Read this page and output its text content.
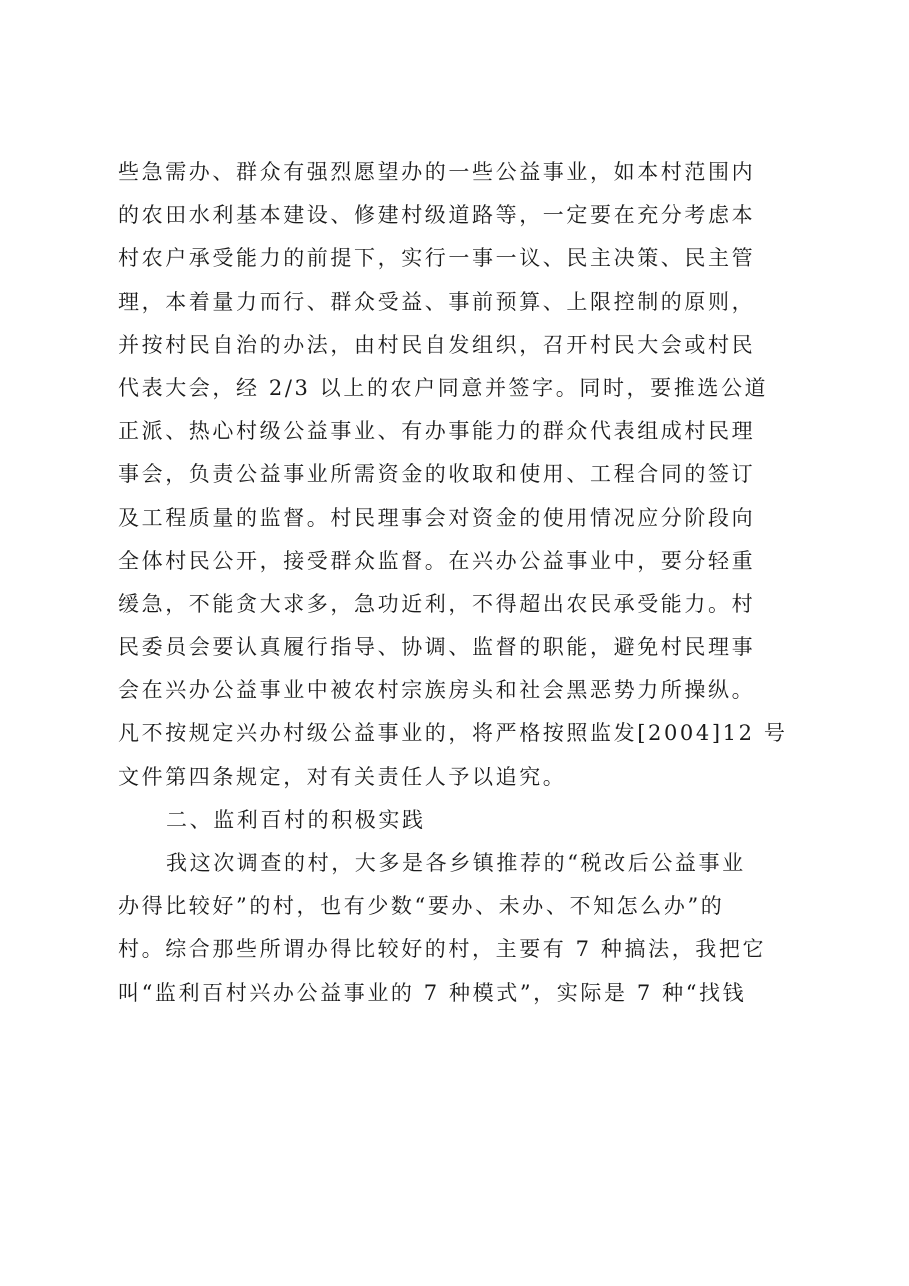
些急需办、群众有强烈愿望办的一些公益事业，如本村范围内
的农田水利基本建设、修建村级道路等，一定要在充分考虑本
村农户承受能力的前提下，实行一事一议、民主决策、民主管
理，本着量力而行、群众受益、事前预算、上限控制的原则，
并按村民自治的办法，由村民自发组织，召开村民大会或村民
代表大会，经 2/3 以上的农户同意并签字。同时，要推选公道
正派、热心村级公益事业、有办事能力的群众代表组成村民理
事会，负责公益事业所需资金的收取和使用、工程合同的签订
及工程质量的监督。村民理事会对资金的使用情况应分阶段向
全体村民公开，接受群众监督。在兴办公益事业中，要分轻重
缓急，不能贪大求多，急功近利，不得超出农民承受能力。村
民委员会要认真履行指导、协调、监督的职能，避免村民理事
会在兴办公益事业中被农村宗族房头和社会黑恶势力所操纵。
凡不按规定兴办村级公益事业的，将严格按照监发[2004]12 号
文件第四条规定，对有关责任人予以追究。
二、监利百村的积极实践
我这次调查的村，大多是各乡镇推荐的“税改后公益事业
办得比较好”的村，也有少数“要办、未办、不知怎么办”的
村。综合那些所谓办得比较好的村，主要有 7 种搞法，我把它
叫“监利百村兴办公益事业的 7 种模式”，实际是 7 种“找钱
